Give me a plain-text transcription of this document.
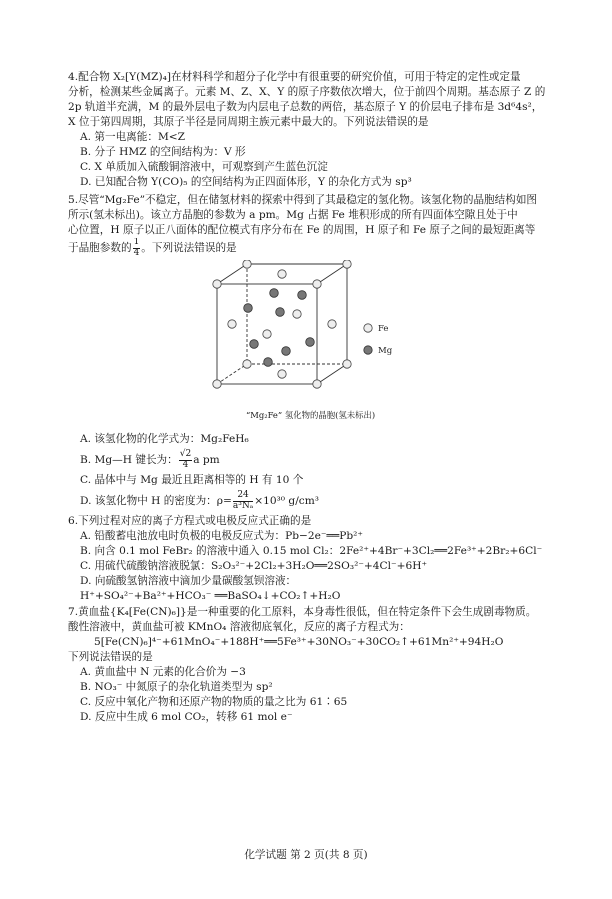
4.配合物 X₂[Y(MZ)₄]在材料科学和超分子化学中有很重要的研究价值，可用于特定的定性或定量
分析，检测某些金属离子。元素 M、Z、X、Y 的原子序数依次增大，位于前四个周期。基态原子 Z 的
2p 轨道半充满，M 的最外层电子数为内层电子总数的两倍，基态原子 Y 的价层电子排布是 3d⁶4s²，
X 位于第四周期，其原子半径是同周期主族元素中最大的。下列说法错误的是
A. 第一电离能：M<Z
B. 分子 HMZ 的空间结构为：V 形
C. X 单质加入硫酸铜溶液中，可观察到产生蓝色沉淀
D. 已知配合物 Y(CO)₅ 的空间结构为正四面体形，Y 的杂化方式为 sp³
5.尽管“Mg₂Fe”不稳定，但在储氢材料的探索中得到了其最稳定的氢化物。该氢化物的晶胞结构如图
所示(氢未标出)。该立方晶胞的参数为 a pm。Mg 占据 Fe 堆积形成的所有四面体空隙且处于中
心位置，H 原子以正八面体的配位模式有序分布在 Fe 的周围，H 原子和 Fe 原子之间的最短距离等
于晶胞参数的 $\frac{1}{4}$ 。下列说法错误的是
Fe
Mg
“Mg₂Fe” 氢化物的晶胞(氢未标出)
A. 该氢化物的化学式为：Mg₂FeH₆
B. Mg—H 键长为： $\frac{√2}{4}$ a pm
C. 晶体中与 Mg 最近且距离相等的 H 有 10 个
D. 该氢化物中 H 的密度为：$\rho= \frac{24}{\text{a³Nₐ}} \times 10^{30}$ g/cm³
6.下列过程对应的离子方程式或电极反应式正确的是
A. 铅酸蓄电池放电时负极的电极反应式为：Pb−2e⁻══Pb²⁺
B. 向含 0.1 mol FeBr₂ 的溶液中通入 0.15 mol Cl₂：2Fe²⁺+4Br⁻+3Cl₂══2Fe³⁺+2Br₂+6Cl⁻
C. 用硫代硫酸钠溶液脱氯：S₂O₃²⁻+2Cl₂+3H₂O══2SO₃²⁻+4Cl⁻+6H⁺
D. 向硫酸氢钠溶液中滴加少量碳酸氢钡溶液：
H⁺+SO₄²⁻+Ba²⁺+HCO₃⁻ ══BaSO₄↓+CO₂↑+H₂O
7.黄血盐{K₄[Fe(CN)₆]}是一种重要的化工原料，本身毒性很低，但在特定条件下会生成剧毒物质。
酸性溶液中，黄血盐可被 KMnO₄ 溶液彻底氧化，反应的离子方程式为：
5[Fe(CN)₆]⁴⁻+61MnO₄⁻+188H⁺══5Fe³⁺+30NO₃⁻+30CO₂↑+61Mn²⁺+94H₂O
下列说法错误的是
A. 黄血盐中 N 元素的化合价为 −3
B. NO₃⁻ 中氮原子的杂化轨道类型为 sp²
C. 反应中氧化产物和还原产物的物质的量之比为 61∶65
D. 反应中生成 6 mol CO₂，转移 61 mol e⁻
化学试题 第 2 页(共 8 页)
